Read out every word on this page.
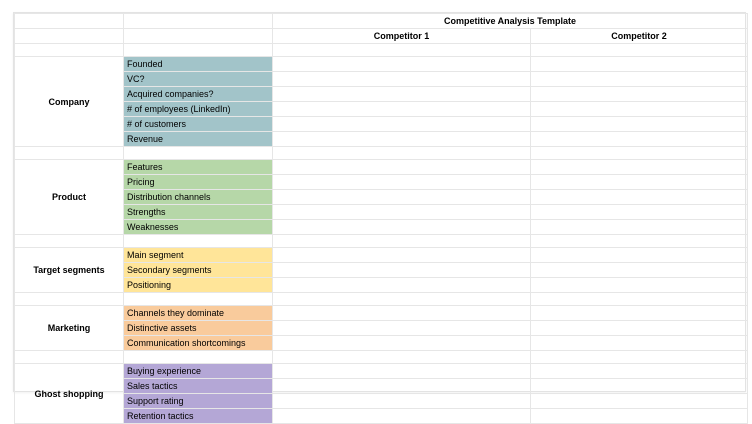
		Competitive Analysis Template	
		Competitor 1	Competitor 2

Company	Founded		
	VC?		
	Acquired companies?		
	# of employees (LinkedIn)		
	# of customers		
	Revenue		

Product	Features		
	Pricing		
	Distribution channels		
	Strengths		
	Weaknesses		

Target segments	Main segment		
	Secondary segments		
	Positioning		

Marketing	Channels they dominate		
	Distinctive assets		
	Communication shortcomings		

Ghost shopping	Buying experience		
	Sales tactics		
	Support rating		
	Retention tactics		
